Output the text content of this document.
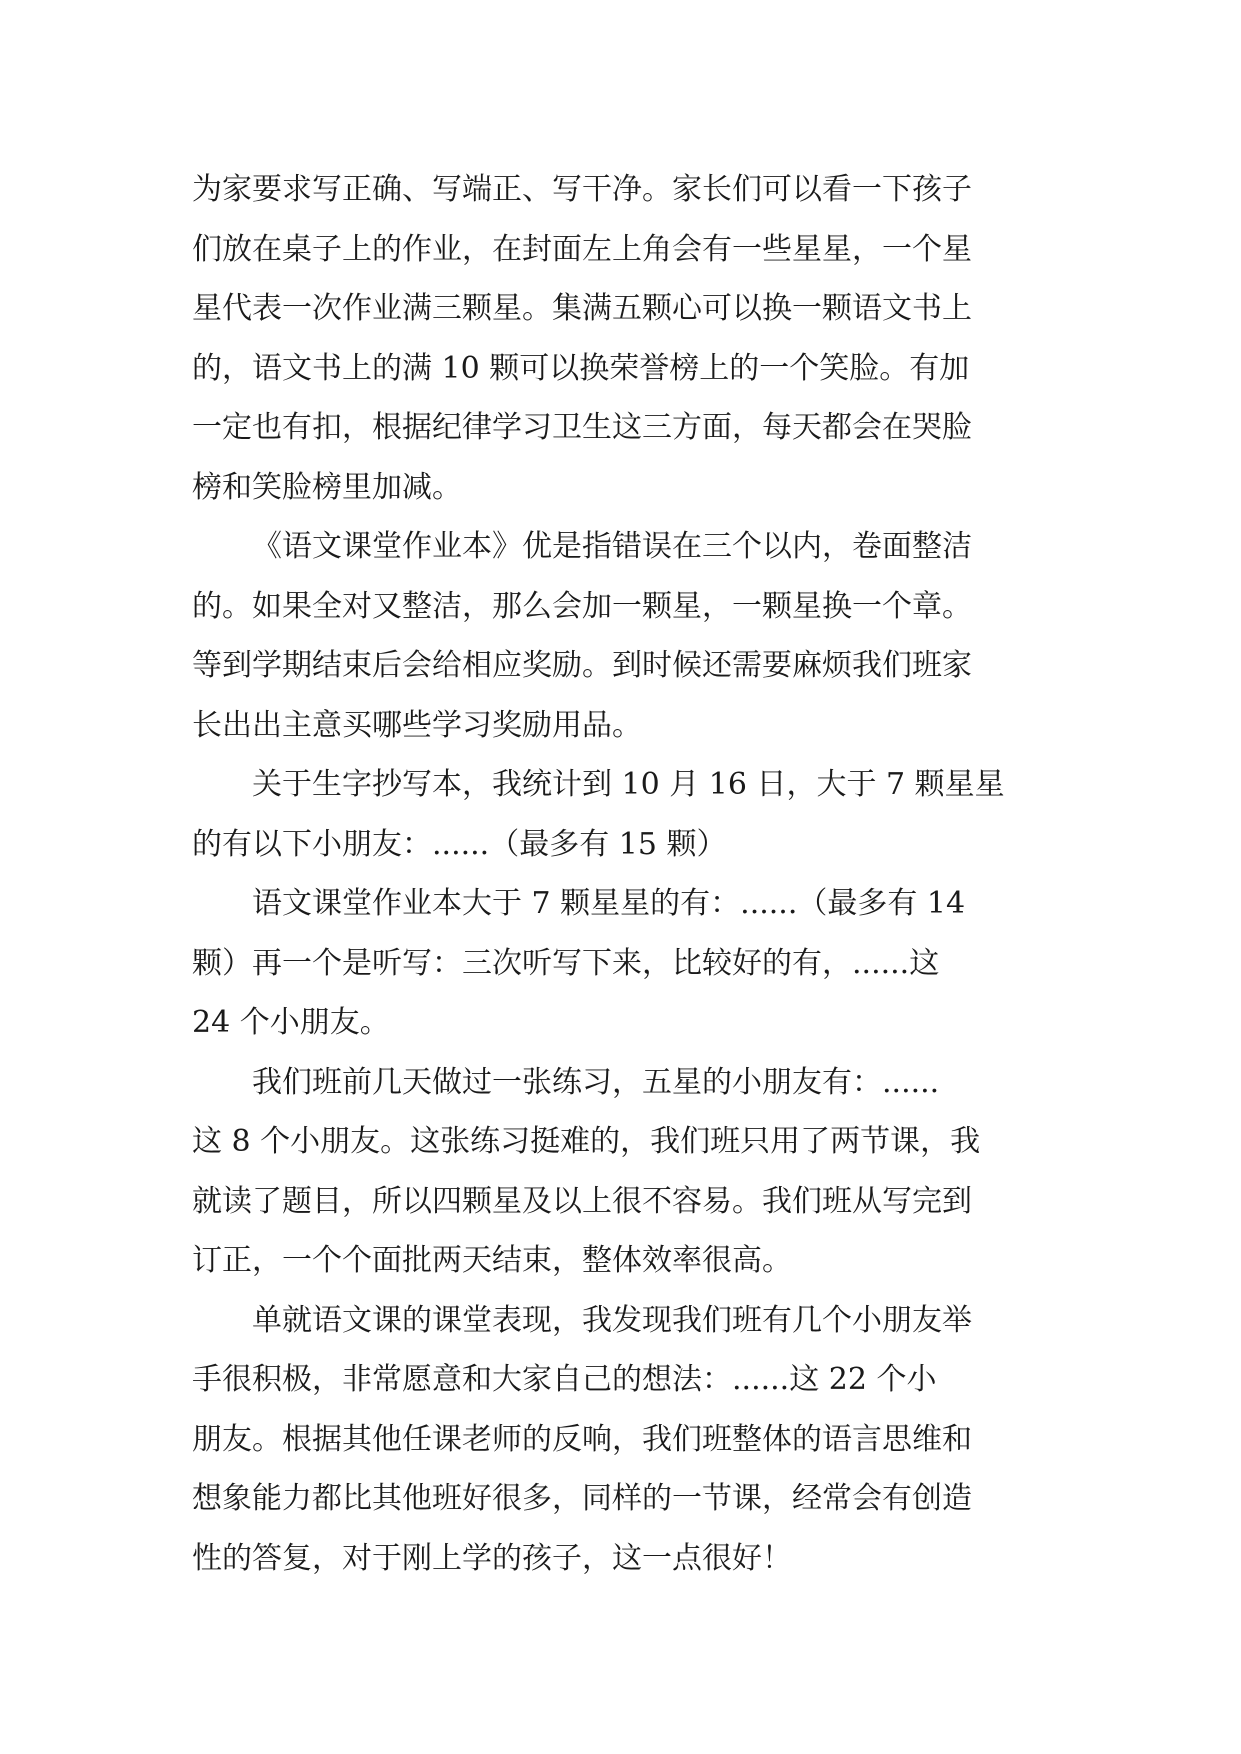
为家要求写正确、写端正、写干净。家长们可以看一下孩子
们放在桌子上的作业，在封面左上角会有一些星星，一个星
星代表一次作业满三颗星。集满五颗心可以换一颗语文书上
的，语文书上的满 10 颗可以换荣誉榜上的一个笑脸。有加
一定也有扣，根据纪律学习卫生这三方面，每天都会在哭脸
榜和笑脸榜里加减。
《语文课堂作业本》优是指错误在三个以内，卷面整洁
的。如果全对又整洁，那么会加一颗星，一颗星换一个章。
等到学期结束后会给相应奖励。到时候还需要麻烦我们班家
长出出主意买哪些学习奖励用品。
关于生字抄写本，我统计到 10 月 16 日，大于 7 颗星星
的有以下小朋友：......（最多有 15 颗）
语文课堂作业本大于 7 颗星星的有：......（最多有 14
颗）再一个是听写：三次听写下来，比较好的有，......这
24 个小朋友。
我们班前几天做过一张练习，五星的小朋友有：......
这 8 个小朋友。这张练习挺难的，我们班只用了两节课，我
就读了题目，所以四颗星及以上很不容易。我们班从写完到
订正，一个个面批两天结束，整体效率很高。
单就语文课的课堂表现，我发现我们班有几个小朋友举
手很积极，非常愿意和大家自己的想法：......这 22 个小
朋友。根据其他任课老师的反响，我们班整体的语言思维和
想象能力都比其他班好很多，同样的一节课，经常会有创造
性的答复，对于刚上学的孩子，这一点很好！
